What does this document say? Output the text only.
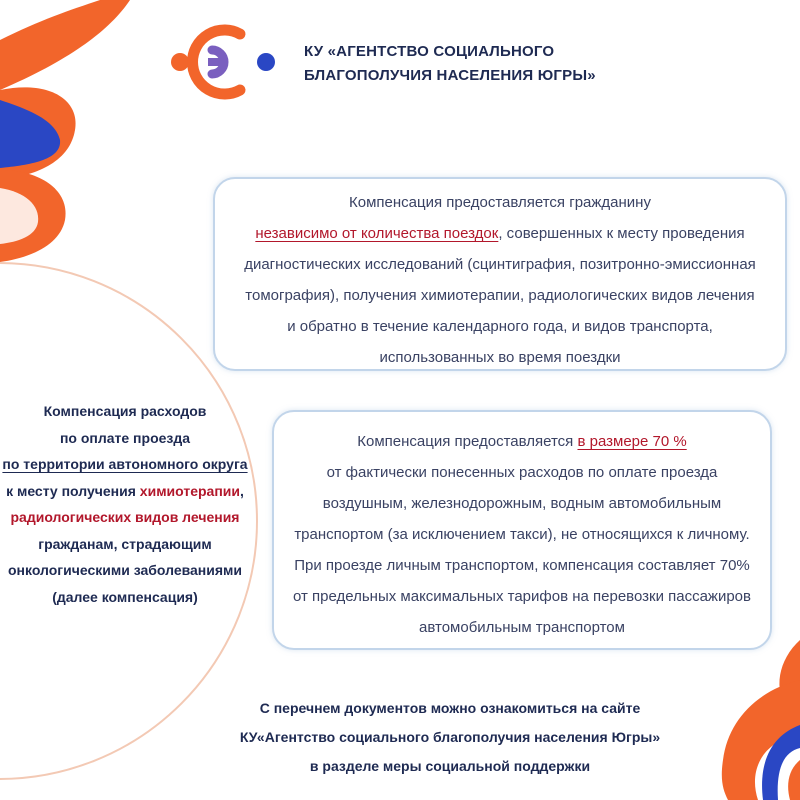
КУ «АГЕНТСТВО СОЦИАЛЬНОГО
БЛАГОПОЛУЧИЯ НАСЕЛЕНИЯ ЮГРЫ»
Компенсация расходов
по оплате проезда
по территории автономного округа
к месту получения химиотерапии,
радиологических видов лечения
гражданам, страдающим
онкологическими заболеваниями
(далее компенсация)
Компенсация предоставляется гражданину
независимо от количества поездок, совершенных к месту проведения
диагностических исследований (сцинтиграфия, позитронно-эмиссионная
томография), получения химиотерапии, радиологических видов лечения
и обратно в течение календарного года, и видов транспорта,
использованных во время поездки
Компенсация предоставляется в размере 70 %
от фактически понесенных расходов по оплате проезда
воздушным, железнодорожным, водным автомобильным
транспортом (за исключением такси), не относящихся к личному.
При проезде личным транспортом, компенсация составляет 70%
от предельных максимальных тарифов на перевозки пассажиров
автомобильным транспортом
С перечнем документов можно ознакомиться на сайте
КУ«Агентство социального благополучия населения Югры»
в разделе меры социальной поддержки
